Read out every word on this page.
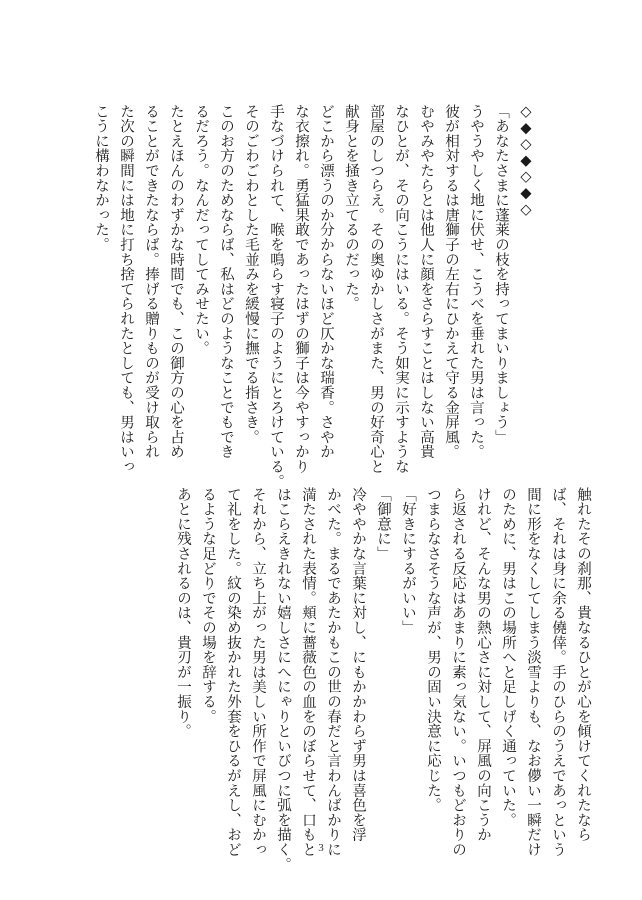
◇◆◇◆◇◆◇

「あなたさまに蓬莱の枝を持ってまいりましょう」

うやうやしく地に伏せ、こうべを垂れた男は言った。

彼が相対するは唐獅子の左右にひかえて守る金屏風。

むやみやたらとは他人に顔をさらすことはしない高貴

なひとが、その向こうにはいる。そう如実に示すような

部屋のしつらえ。その奥ゆかしさがまた、男の好奇心と

献身とを掻き立てるのだった。

どこから漂うのか分からないほど仄かな瑞香。さやか

な衣擦れ。勇猛果敢であったはずの獅子は今やすっかり

手なづけられて、喉を鳴らす寝子のようにとろけている。

そのごわごわとした毛並みを緩慢に撫でる指さき。

このお方のためならば、私はどのようなことでもでき

るだろう。なんだってしてみせたい。

たとえほんのわずかな時間でも、この御方の心を占め

ることができたならば。捧げる贈りものが受け取られ

た次の瞬間には地に打ち捨てられたとしても、男はいっ

こうに構わなかった。

触れたその刹那、貴なるひとが心を傾けてくれたなら

ば、それは身に余る僥倖。手のひらのうえであっという

間に形をなくしてしまう淡雪よりも、なお儚い一瞬だけ

のために、男はこの場所へと足しげく通っていた。

けれど、そんな男の熱心さに対して、屏風の向こうか

ら返される反応はあまりに素っ気ない。いつもどおりの

つまらなさそうな声が、男の固い決意に応じた。

「好きにするがいい」

「御意に」

冷ややかな言葉に対し、にもかかわらず男は喜色を浮

かべた。まるであたかもこの世の春だと言わんばかりに

満たされた表情。頬に薔薇色の血をのぼらせて、口もと

はこらえきれない嬉しさにへにゃりといびつに弧を描く。

それから、立ち上がった男は美しい所作で屏風にむかっ

て礼をした。紋の染め抜かれた外套をひるがえし、おど

るような足どりでその場を辞する。

あとに残されるのは、貴刃が一振り。

3
